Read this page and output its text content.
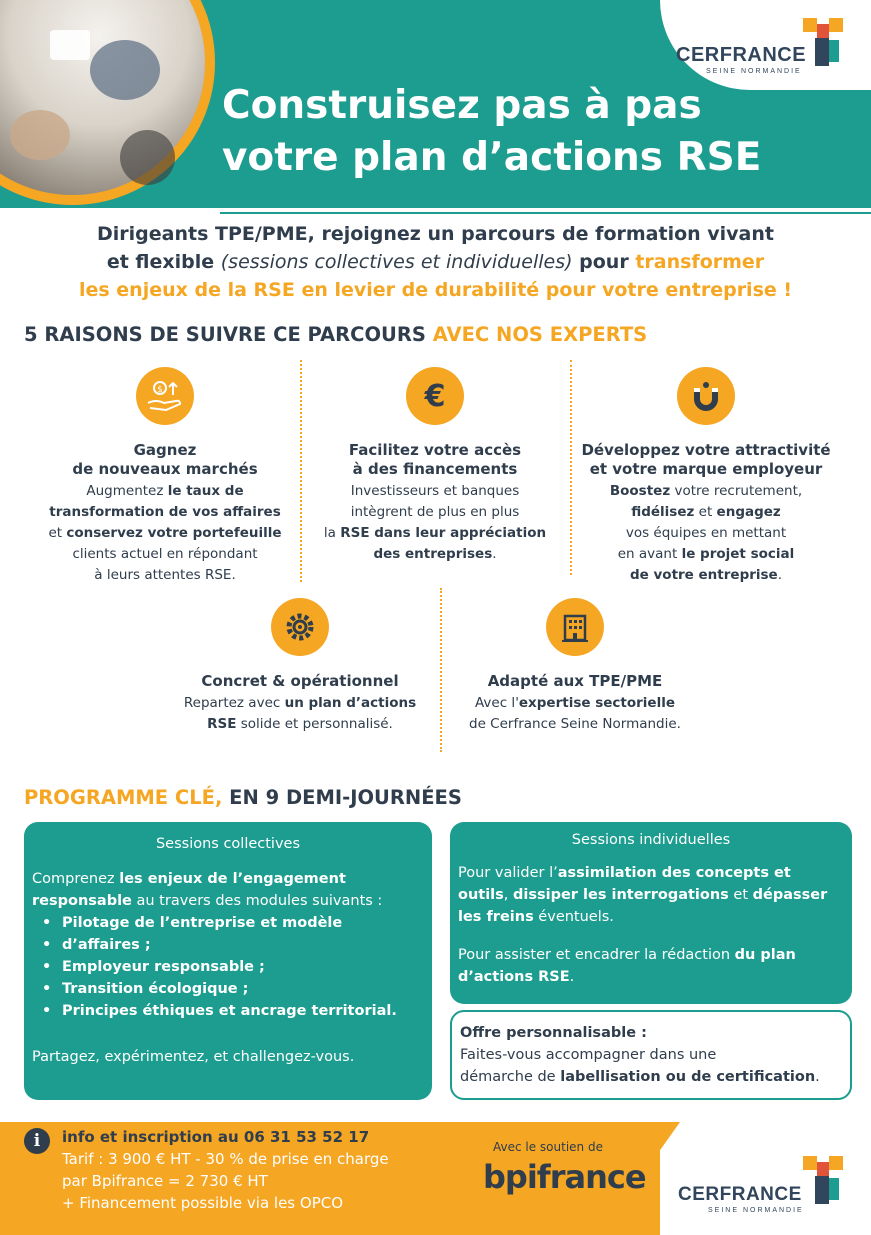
Construisez pas à pas
votre plan d’actions RSE
CERFRANCE
SEINE NORMANDIE
Dirigeants TPE/PME, rejoignez un parcours de formation vivant
et flexible (sessions collectives et individuelles) pour transformer
les enjeux de la RSE en levier de durabilité pour votre entreprise !
5 RAISONS DE SUIVRE CE PARCOURS AVEC NOS EXPERTS
$
Gagnez
de nouveaux marchés

Augmentez le taux de
transformation de vos affaires
et conservez votre portefeuille
clients actuel en répondant
à leurs attentes RSE.

€
Facilitez votre accès
à des financements

Investisseurs et banques
intègrent de plus en plus
la RSE dans leur appréciation
des entreprises.

Développez votre attractivité
et votre marque employeur

Boostez votre recrutement,
fidélisez et engagez
vos équipes en mettant
en avant le projet social
de votre entreprise.

Concret & opérationnel

Repartez avec un plan d’actions
RSE solide et personnalisé.

Adapté aux TPE/PME

Avec l'expertise sectorielle
de Cerfrance Seine Normandie.

PROGRAMME CLÉ, EN 9 DEMI-JOURNÉES
Sessions collectives

Comprenez les enjeux de l’engagement
responsable au travers des modules suivants :

• Pilotage de l’entreprise et modèle
• d’affaires ;
• Employeur responsable ;
• Transition écologique ;
• Principes éthiques et ancrage territorial.

Partagez, expérimentez, et challengez-vous.

Sessions individuelles

Pour valider l’assimilation des concepts et
outils, dissiper les interrogations et dépasser
les freins éventuels.

Pour assister et encadrer la rédaction du plan
d’actions RSE.

Offre personnalisable :

Faites-vous accompagner dans une

démarche de labellisation ou de certification.

i	info et inscription au 06 31 53 52 17
Tarif : 3 900 € HT - 30 % de prise en charge
par Bpifrance = 2 730 € HT
+ Financement possible via les OPCO
Avec le soutien de
bpifrance CERFRANCE
SEINE NORMANDIE
